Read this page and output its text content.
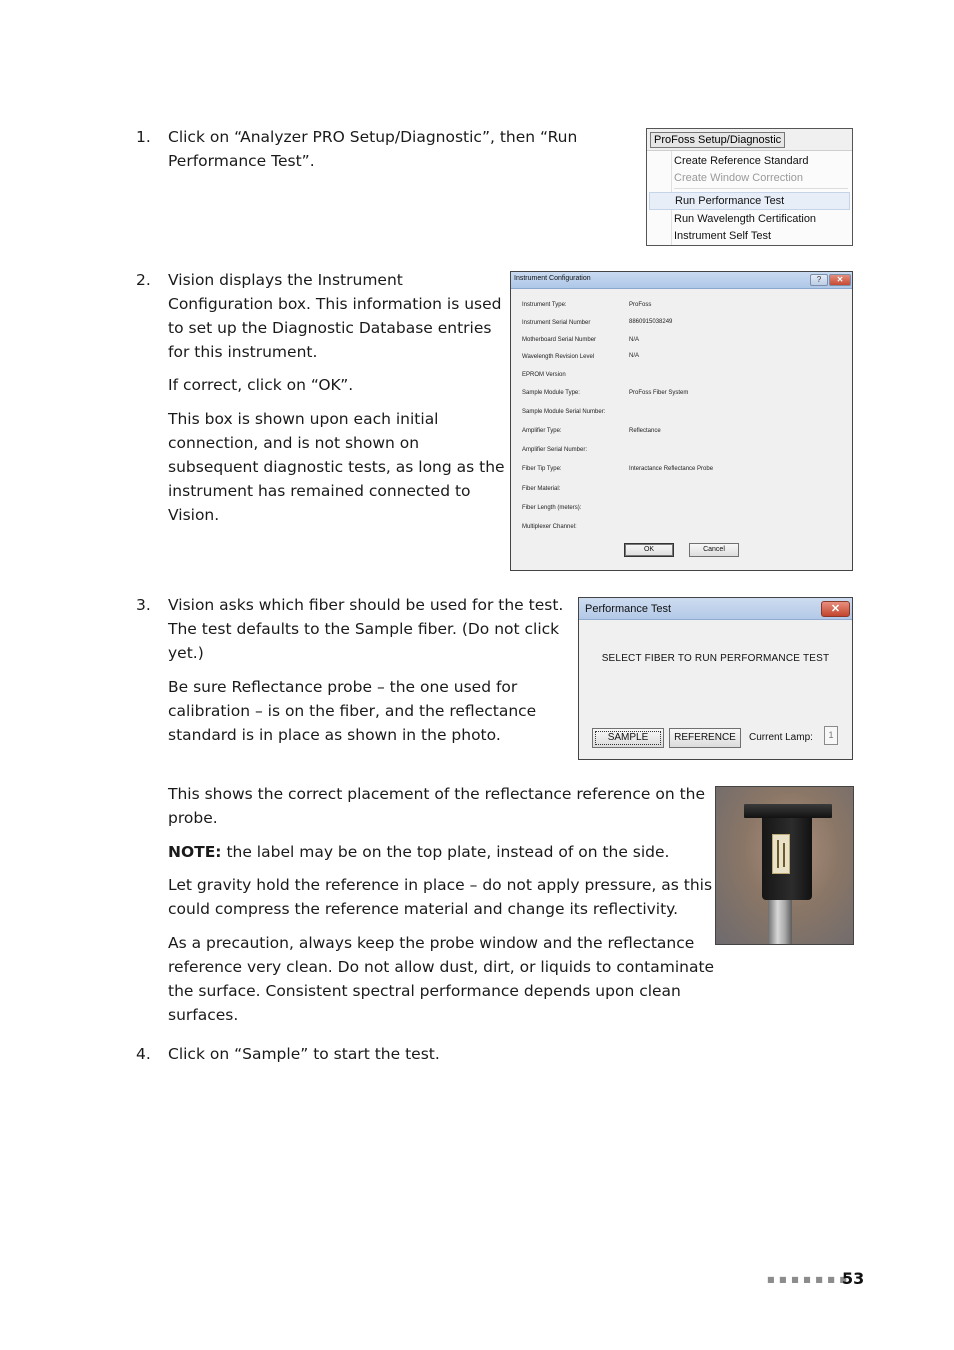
1. Click on “Analyzer PRO Setup/Diagnostic”, then “Run
Performance Test”.
ProFoss Setup/Diagnostic
Create Reference Standard
Create Window Correction
Run Performance Test
Run Wavelength Certification
Instrument Self Test
2. Vision displays the Instrument
Configuration box. This information is used
to set up the Diagnostic Database entries
for this instrument.
If correct, click on “OK”.
This box is shown upon each initial
connection, and is not shown on
subsequent diagnostic tests, as long as the
instrument has remained connected to
Vision.
Instrument Configuration	?	✕
Instrument Type:	ProFoss
Instrument Serial Number	8860915038249
Motherboard Serial Number	N/A
Wavelength Revision Level	N/A
EPROM Version
Sample Module Type:	ProFoss Fiber System
Sample Module Serial Number:
Amplifier Type:	Reflectance
Amplifier Serial Number:
Fiber Tip Type:	Interactance Reflectance Probe
Fiber Material:
Fiber Length (meters):
Multiplexer Channel:
OK	Cancel
3. Vision asks which fiber should be used for the test.
The test defaults to the Sample fiber. (Do not click
yet.)
Be sure Reflectance probe – the one used for
calibration – is on the fiber, and the reflectance
standard is in place as shown in the photo.
Performance Test	✕
SELECT FIBER TO RUN PERFORMANCE TEST
SAMPLE	REFERENCE	Current Lamp:	1
This shows the correct placement of the reflectance reference on the
probe.
NOTE: the label may be on the top plate, instead of on the side.
Let gravity hold the reference in place – do not apply pressure, as this
could compress the reference material and change its reflectivity.
As a precaution, always keep the probe window and the reflectance
reference very clean. Do not allow dust, dirt, or liquids to contaminate
the surface. Consistent spectral performance depends upon clean
surfaces.
4. Click on “Sample” to start the test.
■■■■■■■
53
